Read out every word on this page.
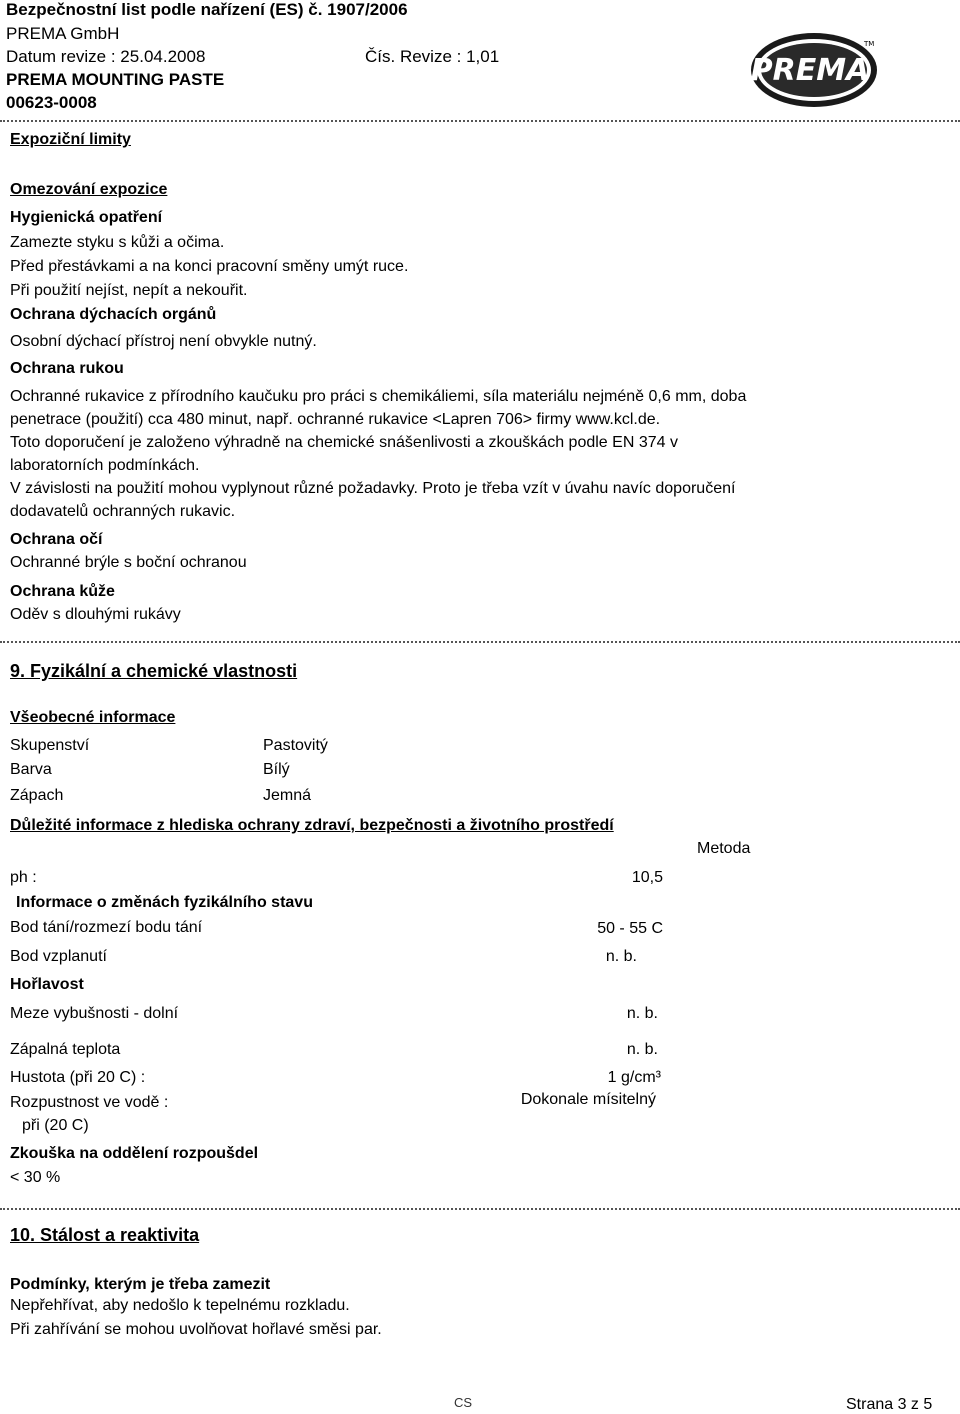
Bezpečnostní list podle nařízení (ES) č. 1907/2006
PREMA GmbH
Datum revize : 25.04.2008	Čís. Revize : 1,01
PREMA MOUNTING PASTE
00623-0008
PREMA
TM
Expoziční limity
Omezování expozice
Hygienická opatření
Zamezte styku s kůži a očima.
Před přestávkami a na konci pracovní směny umýt ruce.
Při použití nejíst, nepít a nekouřit.
Ochrana dýchacích orgánů
Osobní dýchací přístroj není obvykle nutný.
Ochrana rukou
Ochranné rukavice z přírodního kaučuku pro práci s chemikáliemi, síla materiálu nejméně 0,6 mm, doba
penetrace (použití) cca 480 minut, např. ochranné rukavice <Lapren 706> firmy www.kcl.de.
Toto doporučení je založeno výhradně na chemické snášenlivosti a zkouškách podle EN 374 v
laboratorních podmínkách.
V závislosti na použití mohou vyplynout různé požadavky. Proto je třeba vzít v úvahu navíc doporučení
dodavatelů ochranných rukavic.
Ochrana očí
Ochranné brýle s boční ochranou
Ochrana kůže
Oděv s dlouhými rukávy
9. Fyzikální a chemické vlastnosti
Všeobecné informace
Skupenství	Pastovitý
Barva	Bílý
Zápach	Jemná
Důležité informace z hlediska ochrany zdraví, bezpečnosti a životního prostředí
Metoda
ph :	10,5
Informace o změnách fyzikálního stavu
Bod tání/rozmezí bodu tání	50 - 55 C
Bod vzplanutí	n. b.
Hořlavost
Meze vybušnosti - dolní	n. b.
Zápalná teplota	n. b.
Hustota (při 20 C) :	1 g/cm³
Rozpustnost ve vodě :	Dokonale mísitelný
při (20 C)
Zkouška na oddělení rozpoušdel
< 30 %
10. Stálost a reaktivita
Podmínky, kterým je třeba zamezit
Nepřehřívat, aby nedošlo k tepelnému rozkladu.
Při zahřívání se mohou uvolňovat hořlavé směsi par.
CS	Strana 3 z 5
